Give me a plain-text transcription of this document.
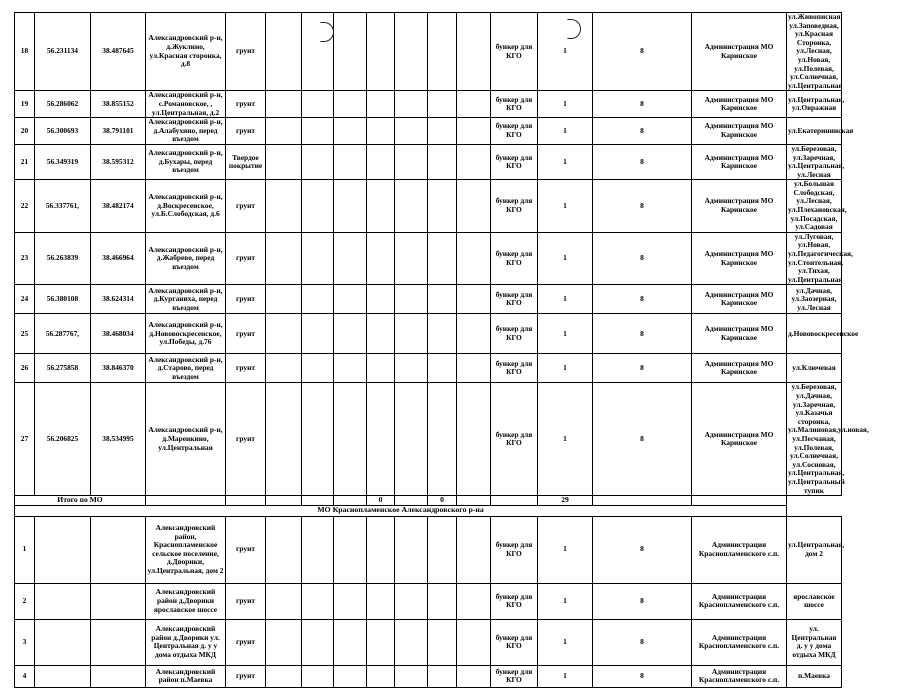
18	56.231134	38.487645	Александровский р-н, д.Жуклино, ул.Красная сторонка, д.8	грунт								бункер для КГО	1	8	Администрация МО Каринское	ул.Живописная, ул.Заповедная, ул.Красная Сторонка, ул.Лесная, ул.Новая, ул.Полевая, ул.Солнечная, ул.Центральная
19	56.286062	38.855152	Александровский р-н, с.Романовское, , ул.Центральная, д.2	грунт								бункер для КГО	1	8	Администрация МО Каринское	ул.Центральная, ул.Овражная
20	56.300693	38.791101	Александровский р-н, д.Алабуxино, перед въездом	грунт								бункер для КГО	1	8	Администрация МО Каринское	ул.Екатерининская
21	56.349319	38.595312	Александровский р-н, д.Бухары, перед въездом	Твердое покрытие								бункер для КГО	1	8	Администрация МО Каринское	ул.Березовая, ул.Заречная, ул.Центральная, ул.Лесная
22	56.337761,	38.482174	Александровский р-н, д.Воскресенское, ул.Б.Слободская, д.6	грунт								бункер для КГО	1	8	Администрация МО Каринское	ул.Большая Слободская, ул.Лесная, ул.Плехановская, ул.Посадская, ул.Садовая
23	56.263839	38.466964	Александровский р-н, д.Жабрево, перед въездом	грунт								бункер для КГО	1	8	Администрация МО Каринское	ул.Луговая, ул.Новая, ул.Педагогическая, ул.Стонтельная, ул.Тихая, ул.Центральная
24	56.380108	38.624314	Александровский р-н, д.Курганиха, перед въездом	грунт								бункер для КГО	1	8	Администрация МО Каринское	ул.Дачная, ул.Заозерная, ул.Лесная
25	56.287767,	38.468034	Александровский р-н, д.Нововоскресенское, ул.Победы, д.76	грунт								бункер для КГО	1	8	Администрация МО Каринское	д.Нововоскресенское
26	56.275858	38.846370	Александровский р-н, д.Старово, перед въездом	грунт								бункер для КГО	1	8	Администрация МО Каринское	ул.Ключевая
27	56.206825	38.534995	Александровский р-н, д.Маренкино, ул.Центральная	грунт								бункер для КГО	1	8	Администрация МО Каринское	ул.Березовая, ул.Дачная, ул.Заречная, ул.Казачья сторонка, ул.Малиновая,ул.новая, ул.Песчаная, ул.Полевая, ул.Солнечная, ул.Сосновая, ул.Центральная, ул.Центральный тупик
Итого по МО								0		0			29			
МО Краснопламенское Александровского р-на																
1			Александровский район, Краснопламенское сельское поселение, д.Дворики, ул.Центральная, дом 2	грунт								бункер для КГО	1	8	Администрация Краснопламенского с.п.	ул.Центральная, дом 2
2			Александровский район д.Дворики ярославское шоссе	грунт								бункер для КГО	1	8	Администрация Краснопламенского с.п.	ярославское шоссе
3			Александровский район д.Дворики ул. Центральная д. у у дома отдыха МКД	грунт								бункер для КГО	1	8	Администрация Краснопламенского с.п.	ул. Центральная д. у у дома отдыха МКД
4			Александровский район п.Маевка	грунт								бункер для КГО	1	8	Администрация Краснопламенского с.п.	п.Маевка
